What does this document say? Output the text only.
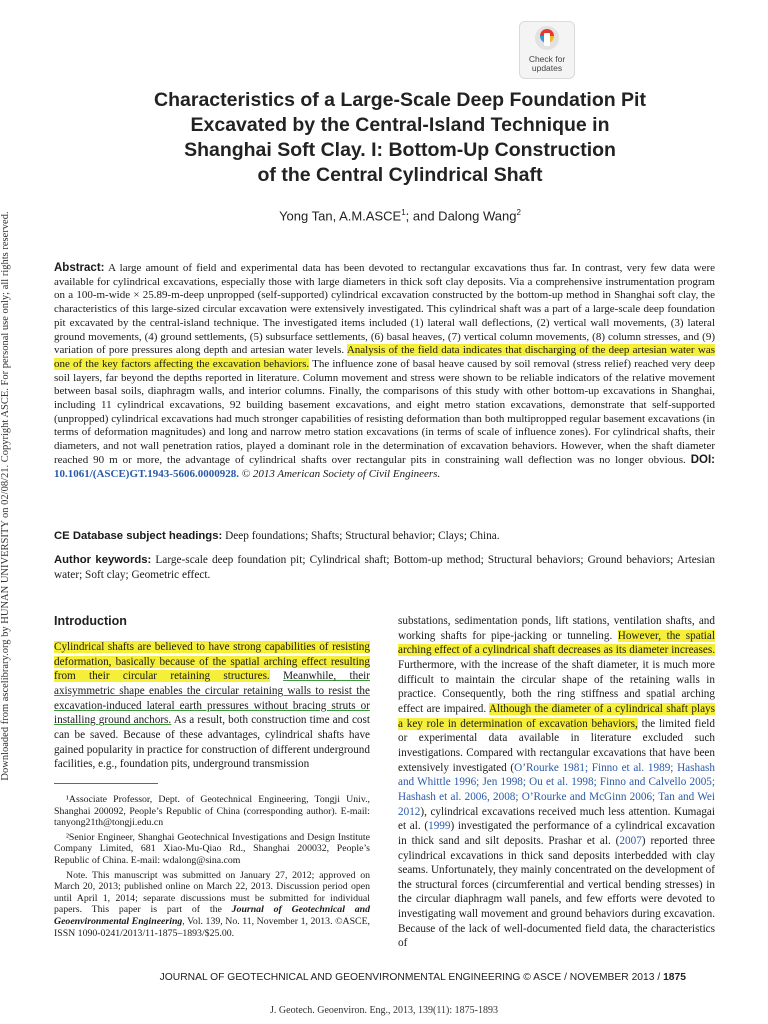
Downloaded from ascelibrary.org by HUNAN UNIVERSITY on 02/08/21. Copyright ASCE. For personal use only; all rights reserved.
Check for
updates
Characteristics of a Large-Scale Deep Foundation Pit
Excavated by the Central-Island Technique in
Shanghai Soft Clay. I: Bottom-Up Construction
of the Central Cylindrical Shaft
Yong Tan, A.M.ASCE$^1$; and Dalong Wang$^2$
Abstract: A large amount of field and experimental data has been devoted to rectangular excavations thus far. In contrast, very few data were available for cylindrical excavations, especially those with large diameters in thick soft clay deposits. Via a comprehensive instrumentation program on a 100-m-wide × 25.89-m-deep unpropped (self-supported) cylindrical excavation constructed by the bottom-up method in Shanghai soft clay, the characteristics of this large-sized circular excavation were extensively investigated. This cylindrical shaft was a part of a large-scale deep foundation pit excavated by the central-island technique. The investigated items included (1) lateral wall deflections, (2) vertical wall movements, (3) lateral ground movements, (4) ground settlements, (5) subsurface settlements, (6) basal heaves, (7) vertical column movements, (8) column stresses, and (9) variation of pore pressures along depth and artesian water levels. Analysis of the field data indicates that discharging of the deep artesian water was one of the key factors affecting the excavation behaviors. The influence zone of basal heave caused by soil removal (stress relief) reached very deep soil layers, far beyond the depths reported in literature. Column movement and stress were shown to be reliable indicators of the relative movement between basal soils, diaphragm walls, and interior columns. Finally, the comparisons of this study with other bottom-up excavations in Shanghai, including 11 cylindrical excavations, 92 building basement excavations, and eight metro station excavations, demonstrate that self-supported (unpropped) cylindrical excavations had much stronger capabilities of resisting deformation than both multipropped regular basement excavations (in terms of deformation magnitudes) and long and narrow metro station excavations (in terms of scale of influence zones). For cylindrical shafts, their diameters, and not wall penetration ratios, played a dominant role in the determination of excavation behaviors. However, when the shaft diameter reached 90 m or more, the advantage of cylindrical shafts over rectangular pits in constraining wall deflection was no longer obvious. DOI: 10.1061/(ASCE)GT.1943-5606.0000928. © 2013 American Society of Civil Engineers.
CE Database subject headings: Deep foundations; Shafts; Structural behavior; Clays; China.
Author keywords: Large-scale deep foundation pit; Cylindrical shaft; Bottom-up method; Structural behaviors; Ground behaviors; Artesian water; Soft clay; Geometric effect.
Introduction
Cylindrical shafts are believed to have strong capabilities of resisting deformation, basically because of the spatial arching effect resulting from their circular retaining structures. Meanwhile, their axisymmetric shape enables the circular retaining walls to resist the excavation-induced lateral earth pressures without bracing struts or installing ground anchors. As a result, both construction time and cost can be saved. Because of these advantages, cylindrical shafts have gained popularity in practice for construction of different underground facilities, e.g., foundation pits, underground transmission

¹Associate Professor, Dept. of Geotechnical Engineering, Tongji Univ., Shanghai 200092, People’s Republic of China (corresponding author). E-mail: tanyong21th@tongji.edu.cn

²Senior Engineer, Shanghai Geotechnical Investigations and Design Institute Company Limited, 681 Xiao-Mu-Qiao Rd., Shanghai 200032, People’s Republic of China. E-mail: wdalong@sina.com

Note. This manuscript was submitted on January 27, 2012; approved on March 20, 2013; published online on March 22, 2013. Discussion period open until April 1, 2014; separate discussions must be submitted for individual papers. This paper is part of the Journal of Geotechnical and Geoenvironmental Engineering, Vol. 139, No. 11, November 1, 2013. ©ASCE, ISSN 1090-0241/2013/11-1875–1893/$25.00.

substations, sedimentation ponds, lift stations, ventilation shafts, and working shafts for pipe-jacking or tunneling. However, the spatial arching effect of a cylindrical shaft decreases as its diameter increases. Furthermore, with the increase of the shaft diameter, it is much more difficult to maintain the circular shape of the retaining walls in practice. Consequently, both the ring stiffness and spatial arching effect are impaired. Although the diameter of a cylindrical shaft plays a key role in determination of excavation behaviors, the limited field or experimental data available in literature excluded such investigations. Compared with rectangular excavations that have been extensively investigated (O’Rourke 1981; Finno et al. 1989; Hashash and Whittle 1996; Jen 1998; Ou et al. 1998; Finno and Calvello 2005; Hashash et al. 2006, 2008; O’Rourke and McGinn 2006; Tan and Wei 2012), cylindrical excavations received much less attention. Kumagai et al. (1999) investigated the performance of a cylindrical excavation in thick sand and silt deposits. Prashar et al. (2007) reported three cylindrical excavations in thick sand deposits interbedded with clay seams. Unfortunately, they mainly concentrated on the development of the structural forces (circumferential and vertical bending stresses) in the circular diaphragm wall panels, and few efforts were devoted to investigating wall movement and ground behaviors during excavation. Because of the lack of well-documented field data, the characteristics of
JOURNAL OF GEOTECHNICAL AND GEOENVIRONMENTAL ENGINEERING © ASCE / NOVEMBER 2013 / 1875
J. Geotech. Geoenviron. Eng., 2013, 139(11): 1875-1893
